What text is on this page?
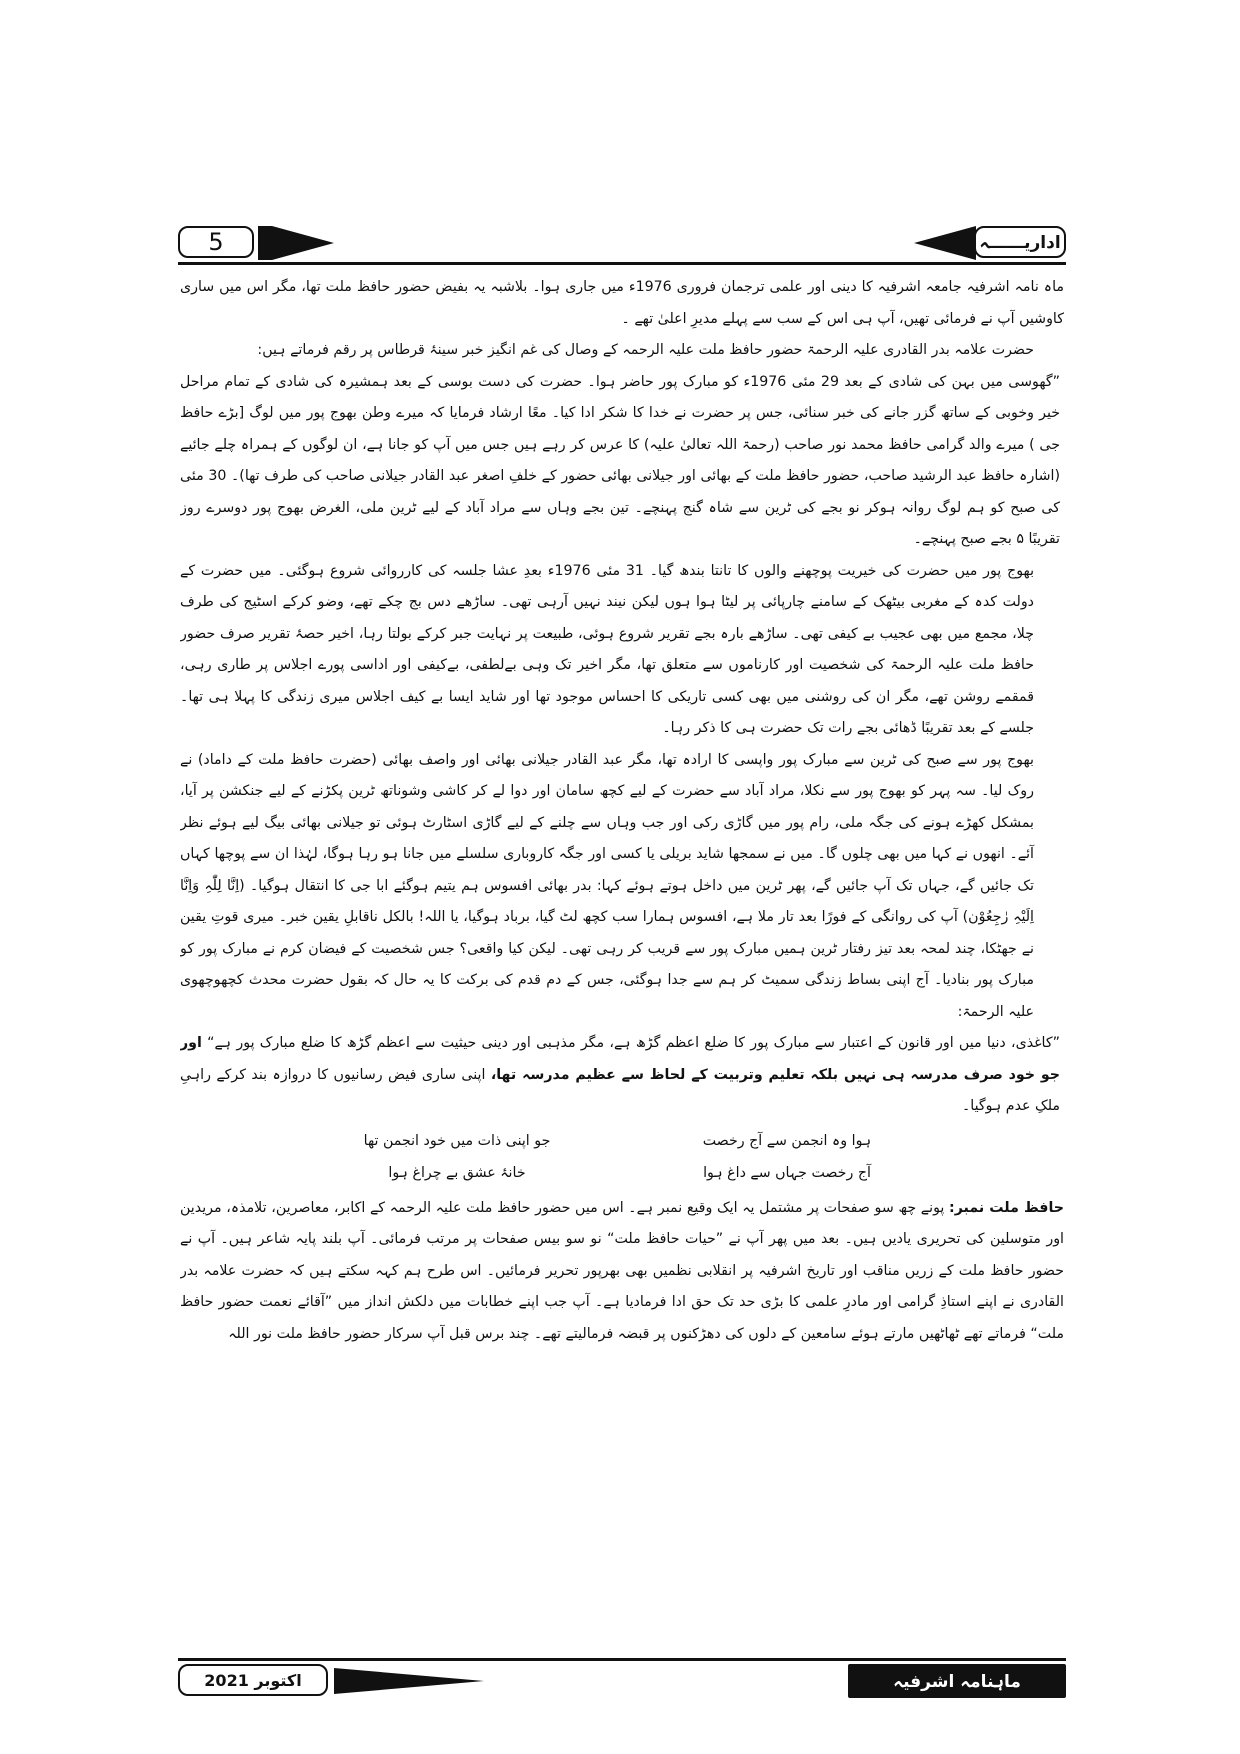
5	اداریــــــہ

ماہ نامہ اشرفیہ جامعہ اشرفیہ کا دینی اور علمی ترجمان فروری 1976ء میں جاری ہوا۔ بلاشبہ یہ بفیض حضور حافظ ملت تھا، مگر اس میں ساری کاوشیں آپ نے فرمائی تھیں، آپ ہی اس کے سب سے پہلے مدیرِ اعلیٰ تھے ۔

حضرت علامہ بدر القادری علیہ الرحمۃ حضور حافظ ملت علیہ الرحمہ کے وصال کی غم انگیز خبر سینۂ قرطاس پر رقم فرماتے ہیں:

”گھوسی میں بہن کی شادی کے بعد 29 مئی 1976ء کو مبارک پور حاضر ہوا۔ حضرت کی دست بوسی کے بعد ہمشیرہ کی شادی کے تمام مراحل خیر وخوبی کے ساتھ گزر جانے کی خبر سنائی، جس پر حضرت نے خدا کا شکر ادا کیا۔ معًا ارشاد فرمایا کہ میرے وطن بھوج پور میں لوگ [بڑے حافظ جی ) میرے والد گرامی حافظ محمد نور صاحب (رحمۃ اللہ تعالیٰ علیہ) کا عرس کر رہے ہیں جس میں آپ کو جانا ہے، ان لوگوں کے ہمراہ چلے جائیے (اشارہ حافظ عبد الرشید صاحب، حضور حافظ ملت کے بھائی اور جیلانی بھائی حضور کے خلفِ اصغر عبد القادر جیلانی صاحب کی طرف تھا)۔ 30 مئی کی صبح کو ہم لوگ روانہ ہوکر نو بجے کی ٹرین سے شاہ گنج پہنچے۔ تین بجے وہاں سے مراد آباد کے لیے ٹرین ملی، الغرض بھوج پور دوسرے روز تقریبًا ۵ بجے صبح پہنچے۔

بھوج پور میں حضرت کی خیریت پوچھنے والوں کا تانتا بندھ گیا۔ 31 مئی 1976ء بعدِ عشا جلسہ کی کارروائی شروع ہوگئی۔ میں حضرت کے دولت کدہ کے مغربی بیٹھک کے سامنے چارپائی پر لیٹا ہوا ہوں لیکن نیند نہیں آرہی تھی۔ ساڑھے دس بج چکے تھے، وضو کرکے اسٹیج کی طرف چلا، مجمع میں بھی عجیب بے کیفی تھی۔ ساڑھے بارہ بجے تقریر شروع ہوئی، طبیعت پر نہایت جبر کرکے بولتا رہا، اخیر حصۂ تقریر صرف حضور حافظ ملت علیہ الرحمۃ کی شخصیت اور کارناموں سے متعلق تھا، مگر اخیر تک وہی بےلطفی، بےکیفی اور اداسی پورے اجلاس پر طاری رہی، قمقمے روشن تھے، مگر ان کی روشنی میں بھی کسی تاریکی کا احساس موجود تھا اور شاید ایسا بے کیف اجلاس میری زندگی کا پہلا ہی تھا۔ جلسے کے بعد تقریبًا ڈھائی بجے رات تک حضرت ہی کا ذکر رہا۔

بھوج پور سے صبح کی ٹرین سے مبارک پور واپسی کا ارادہ تھا، مگر عبد القادر جیلانی بھائی اور واصف بھائی (حضرت حافظ ملت کے داماد) نے روک لیا۔ سہ پہر کو بھوج پور سے نکلا، مراد آباد سے حضرت کے لیے کچھ سامان اور دوا لے کر کاشی وشوناتھ ٹرین پکڑنے کے لیے جنکشن پر آیا، بمشکل کھڑے ہونے کی جگہ ملی، رام پور میں گاڑی رکی اور جب وہاں سے چلنے کے لیے گاڑی اسٹارٹ ہوئی تو جیلانی بھائی بیگ لیے ہوئے نظر آئے۔ انھوں نے کہا میں بھی چلوں گا۔ میں نے سمجھا شاید بریلی یا کسی اور جگہ کاروباری سلسلے میں جانا ہو رہا ہوگا، لہٰذا ان سے پوچھا کہاں تک جائیں گے، جہاں تک آپ جائیں گے، پھر ٹرین میں داخل ہوتے ہوئے کہا: بدر بھائی افسوس ہم یتیم ہوگئے ابا جی کا انتقال ہوگیا۔ (اِنَّا لِلّٰہِ وَاِنَّا اِلَیْہِ رٰجِعُوْن) آپ کی روانگی کے فورًا بعد تار ملا ہے، افسوس ہمارا سب کچھ لٹ گیا، برباد ہوگیا، یا اللہ! بالکل ناقابلِ یقین خبر۔ میری قوتِ یقین نے جھٹکا، چند لمحہ بعد تیز رفتار ٹرین ہمیں مبارک پور سے قریب کر رہی تھی۔ لیکن کیا واقعی؟ جس شخصیت کے فیضان کرم نے مبارک پور کو مبارک پور بنادیا۔ آج اپنی بساط زندگی سمیٹ کر ہم سے جدا ہوگئی، جس کے دم قدم کی برکت کا یہ حال کہ بقول حضرت محدث کچھوچھوی علیہ الرحمۃ:

”کاغذی، دنیا میں اور قانون کے اعتبار سے مبارک پور کا ضلع اعظم گڑھ ہے، مگر مذہبی اور دینی حیثیت سے اعظم گڑھ کا ضلع مبارک پور ہے“ اور جو خود صرف مدرسہ ہی نہیں بلکہ تعلیم وتربیت کے لحاظ سے عظیم مدرسہ تھا، اپنی ساری فیض رسانیوں کا دروازہ بند کرکے راہیِ ملکِ عدم ہوگیا۔

ہوا وہ انجمن سے آج رخصت
جو اپنی ذات میں خود انجمن تھا
آج رخصت جہاں سے داغ ہوا
خانۂ عشق بے چراغ ہوا

حافظ ملت نمبر: پونے چھ سو صفحات پر مشتمل یہ ایک وقیع نمبر ہے۔ اس میں حضور حافظ ملت علیہ الرحمہ کے اکابر، معاصرین، تلامذہ، مریدین اور متوسلین کی تحریری یادیں ہیں۔ بعد میں پھر آپ نے ”حیات حافظ ملت“ نو سو بیس صفحات پر مرتب فرمائی۔ آپ بلند پایہ شاعر ہیں۔ آپ نے حضور حافظ ملت کے زریں مناقب اور تاریخ اشرفیہ پر انقلابی نظمیں بھی بھرپور تحریر فرمائیں۔ اس طرح ہم کہہ سکتے ہیں کہ حضرت علامہ بدر القادری نے اپنے استاذِ گرامی اور مادرِ علمی کا بڑی حد تک حق ادا فرمادیا ہے۔ آپ جب اپنے خطابات میں دلکش انداز میں ”آقائے نعمت حضور حافظ ملت“ فرماتے تھے ٹھاٹھیں مارتے ہوئے سامعین کے دلوں کی دھڑکنوں پر قبضہ فرمالیتے تھے۔ چند برس قبل آپ سرکار حضور حافظ ملت نور اللہ

اکتوبر 2021	ماہنامہ اشرفیہ
